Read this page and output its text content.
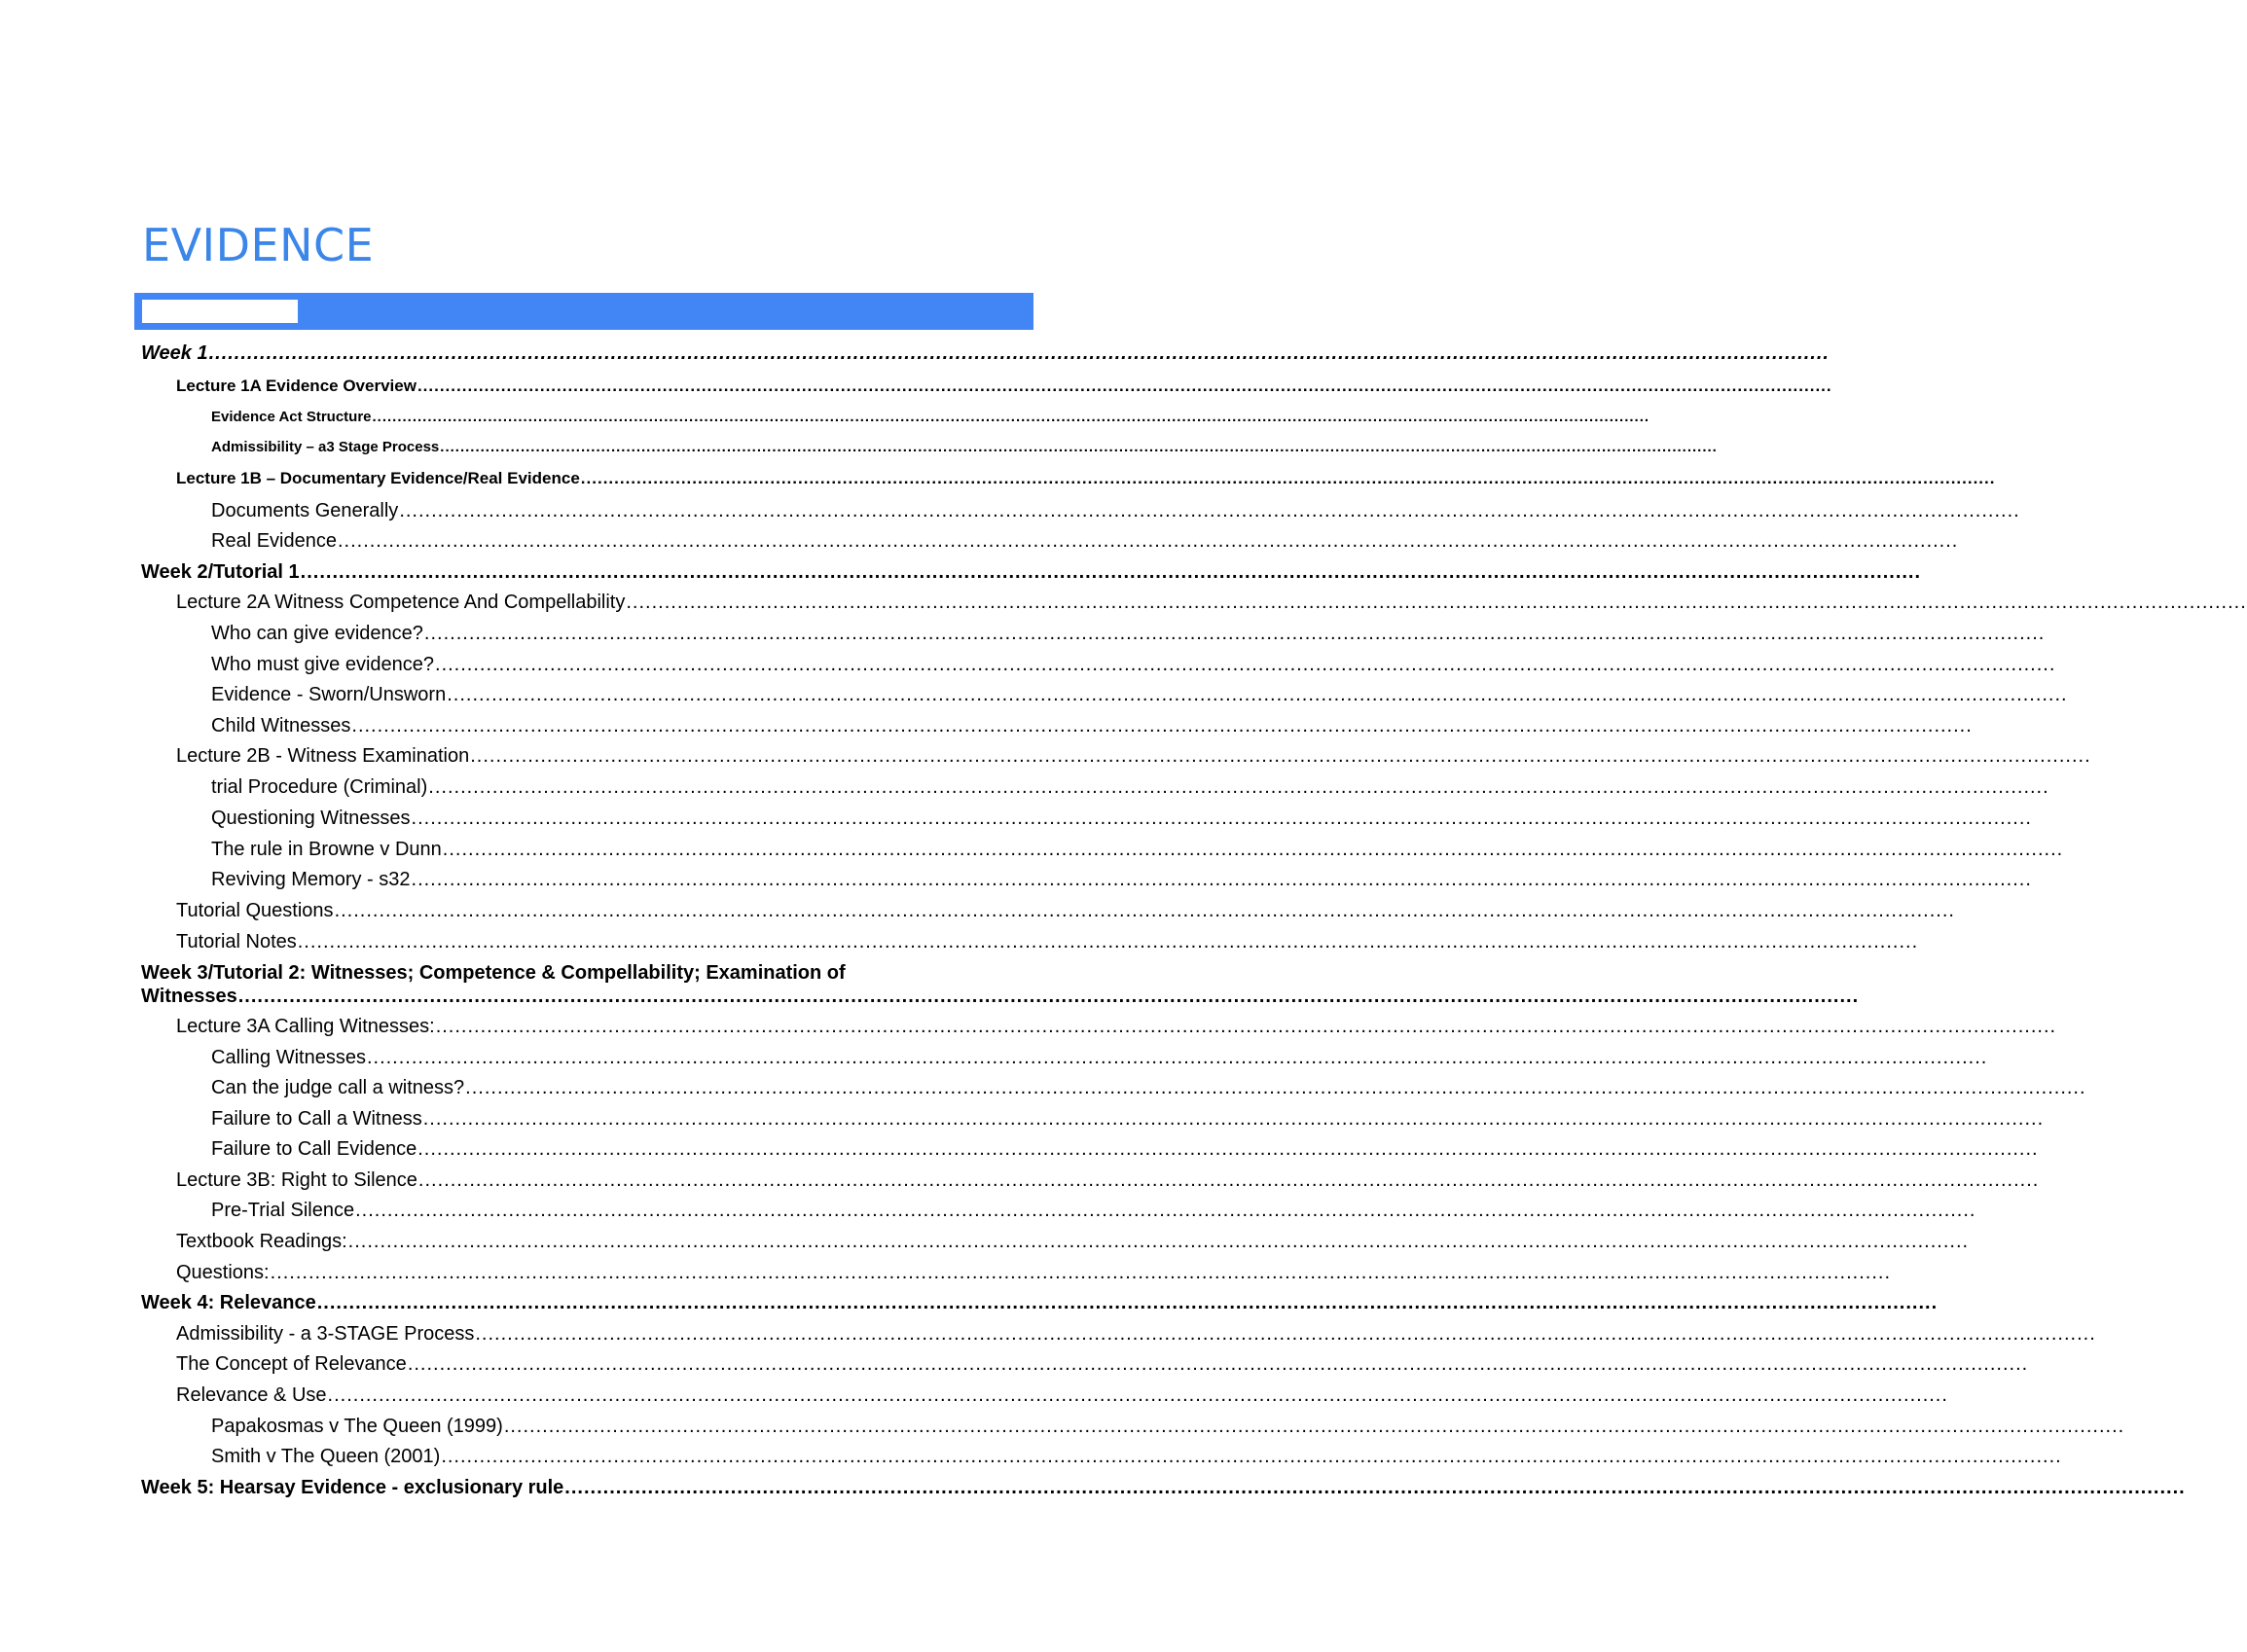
EVIDENCE
Week 1 ..............................................................................................................................................................................................................................................................
Lecture 1A Evidence Overview ..............................................................................................................................................................................................................................................................
Evidence Act Structure ..............................................................................................................................................................................................................................................................
Admissibility – a3 Stage Process ..............................................................................................................................................................................................................................................................
Lecture 1B – Documentary Evidence/Real Evidence ..............................................................................................................................................................................................................................................................
Documents Generally ..............................................................................................................................................................................................................................................................
Real Evidence ..............................................................................................................................................................................................................................................................
Week 2/Tutorial 1 ..............................................................................................................................................................................................................................................................
Lecture 2A Witness Competence And Compellability ..............................................................................................................................................................................................................................................................
Who can give evidence? ..............................................................................................................................................................................................................................................................
Who must give evidence? ..............................................................................................................................................................................................................................................................
Evidence - Sworn/Unsworn ..............................................................................................................................................................................................................................................................
Child Witnesses ..............................................................................................................................................................................................................................................................
Lecture 2B - Witness Examination ..............................................................................................................................................................................................................................................................
trial Procedure (Criminal) ..............................................................................................................................................................................................................................................................
Questioning Witnesses ..............................................................................................................................................................................................................................................................
The rule in Browne v Dunn ..............................................................................................................................................................................................................................................................
Reviving Memory - s32 ..............................................................................................................................................................................................................................................................
Tutorial Questions ..............................................................................................................................................................................................................................................................
Tutorial Notes ..............................................................................................................................................................................................................................................................
Week 3/Tutorial 2: Witnesses; Competence & Compellability; Examination of
Witnesses ..............................................................................................................................................................................................................................................................
Lecture 3A Calling Witnesses: ..............................................................................................................................................................................................................................................................
Calling Witnesses ..............................................................................................................................................................................................................................................................
Can the judge call a witness? ..............................................................................................................................................................................................................................................................
Failure to Call a Witness ..............................................................................................................................................................................................................................................................
Failure to Call Evidence ..............................................................................................................................................................................................................................................................
Lecture 3B: Right to Silence ..............................................................................................................................................................................................................................................................
Pre-Trial Silence ..............................................................................................................................................................................................................................................................
Textbook Readings: ..............................................................................................................................................................................................................................................................
Questions: ..............................................................................................................................................................................................................................................................
Week 4: Relevance ..............................................................................................................................................................................................................................................................
Admissibility - a 3-STAGE Process ..............................................................................................................................................................................................................................................................
The Concept of Relevance ..............................................................................................................................................................................................................................................................
Relevance & Use ..............................................................................................................................................................................................................................................................
Papakosmas v The Queen (1999) ..............................................................................................................................................................................................................................................................
Smith v The Queen (2001) ..............................................................................................................................................................................................................................................................
Week 5: Hearsay Evidence - exclusionary rule ..............................................................................................................................................................................................................................................................
